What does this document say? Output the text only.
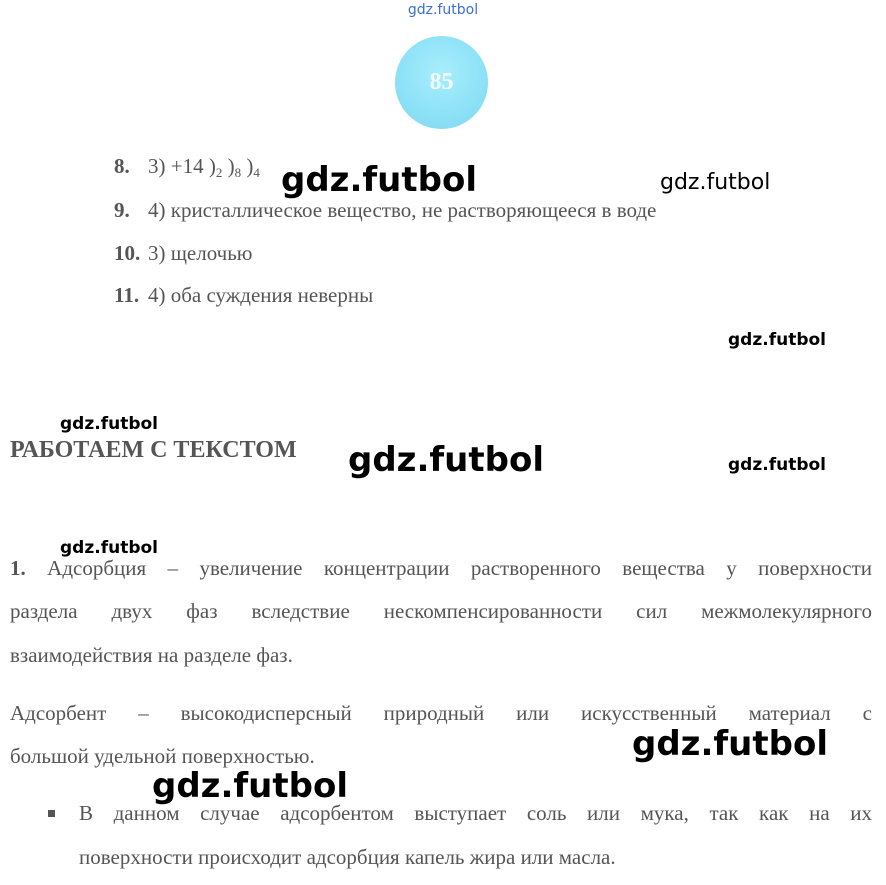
gdz.futbol
85
8. 3) +14 )$_2$ )$_8$ )$_4$
9. 4) кристаллическое вещество, не растворяющееся в воде
10. 3) щелочью
11. 4) оба суждения неверны
РАБОТАЕМ С ТЕКСТОМ
1. Адсорбция – увеличение концентрации растворенного вещества у поверхности
раздела двух фаз вследствие нескомпенсированности сил межмолекулярного
взаимодействия на разделе фаз.
Адсорбент – высокодисперсный природный или искусственный материал с
большой удельной поверхностью.
В данном случае адсорбентом выступает соль или мука, так как на их
поверхности происходит адсорбция капель жира или масла.
gdz.futbol	gdz.futbol
gdz.futbol
gdz.futbol
gdz.futbol	gdz.futbol
gdz.futbol
gdz.futbol
gdz.futbol
